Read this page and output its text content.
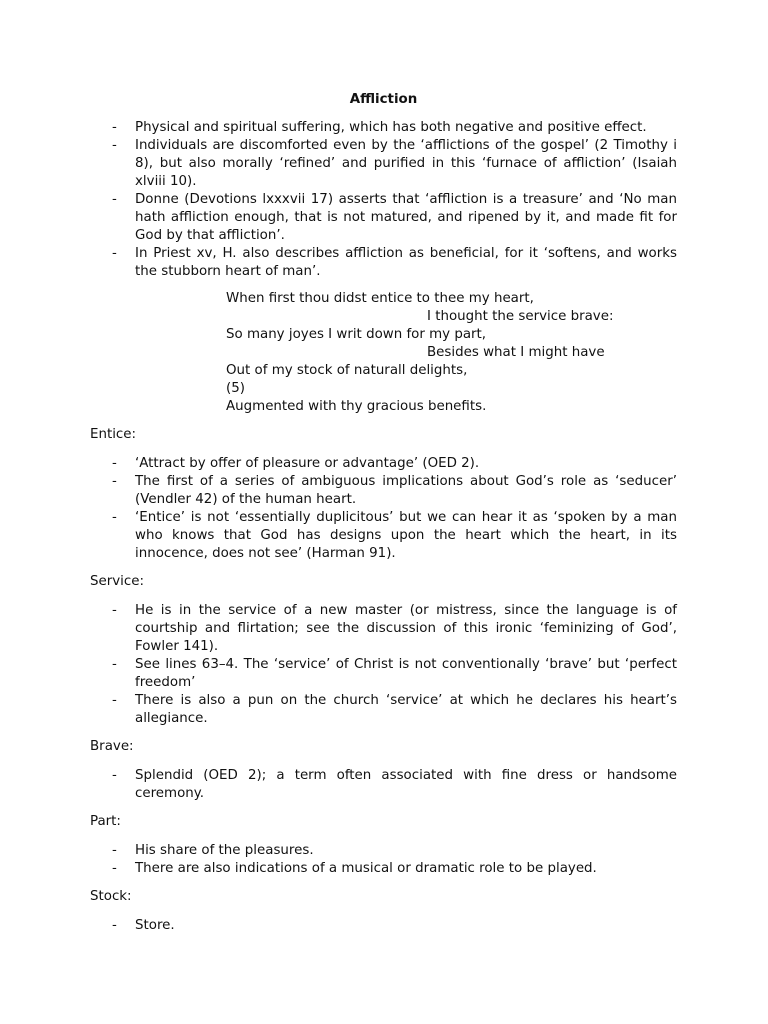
Affliction
- Physical and spiritual suffering, which has both negative and positive effect.
- Individuals are discomforted even by the ‘afflictions of the gospel’ (2 Timothy i 8), but also morally ‘refined’ and purified in this ‘furnace of affliction’ (Isaiah xlviii 10).
- Donne (Devotions lxxxvii 17) asserts that ‘affliction is a treasure’ and ‘No man hath affliction enough, that is not matured, and ripened by it, and made fit for God by that affliction’.
- In Priest xv, H. also describes affliction as beneficial, for it ‘softens, and works the stubborn heart of man’.
When first thou didst entice to thee my heart,
I thought the service brave:
So many joyes I writ down for my part,
Besides what I might have
Out of my stock of naturall delights,
(5)
Augmented with thy gracious benefits.
Entice:
- ‘Attract by offer of pleasure or advantage’ (OED 2).
- The first of a series of ambiguous implications about God’s role as ‘seducer’ (Vendler 42) of the human heart.
- ‘Entice’ is not ‘essentially duplicitous’ but we can hear it as ‘spoken by a man who knows that God has designs upon the heart which the heart, in its innocence, does not see’ (Harman 91).
Service:
- He is in the service of a new master (or mistress, since the language is of courtship and flirtation; see the discussion of this ironic ‘feminizing of God’, Fowler 141).
- See lines 63–4. The ‘service’ of Christ is not conventionally ‘brave’ but ‘perfect freedom’
- There is also a pun on the church ‘service’ at which he declares his heart’s allegiance.
Brave:
- Splendid (OED 2); a term often associated with fine dress or handsome ceremony.
Part:
- His share of the pleasures.
- There are also indications of a musical or dramatic role to be played.
Stock:
- Store.
